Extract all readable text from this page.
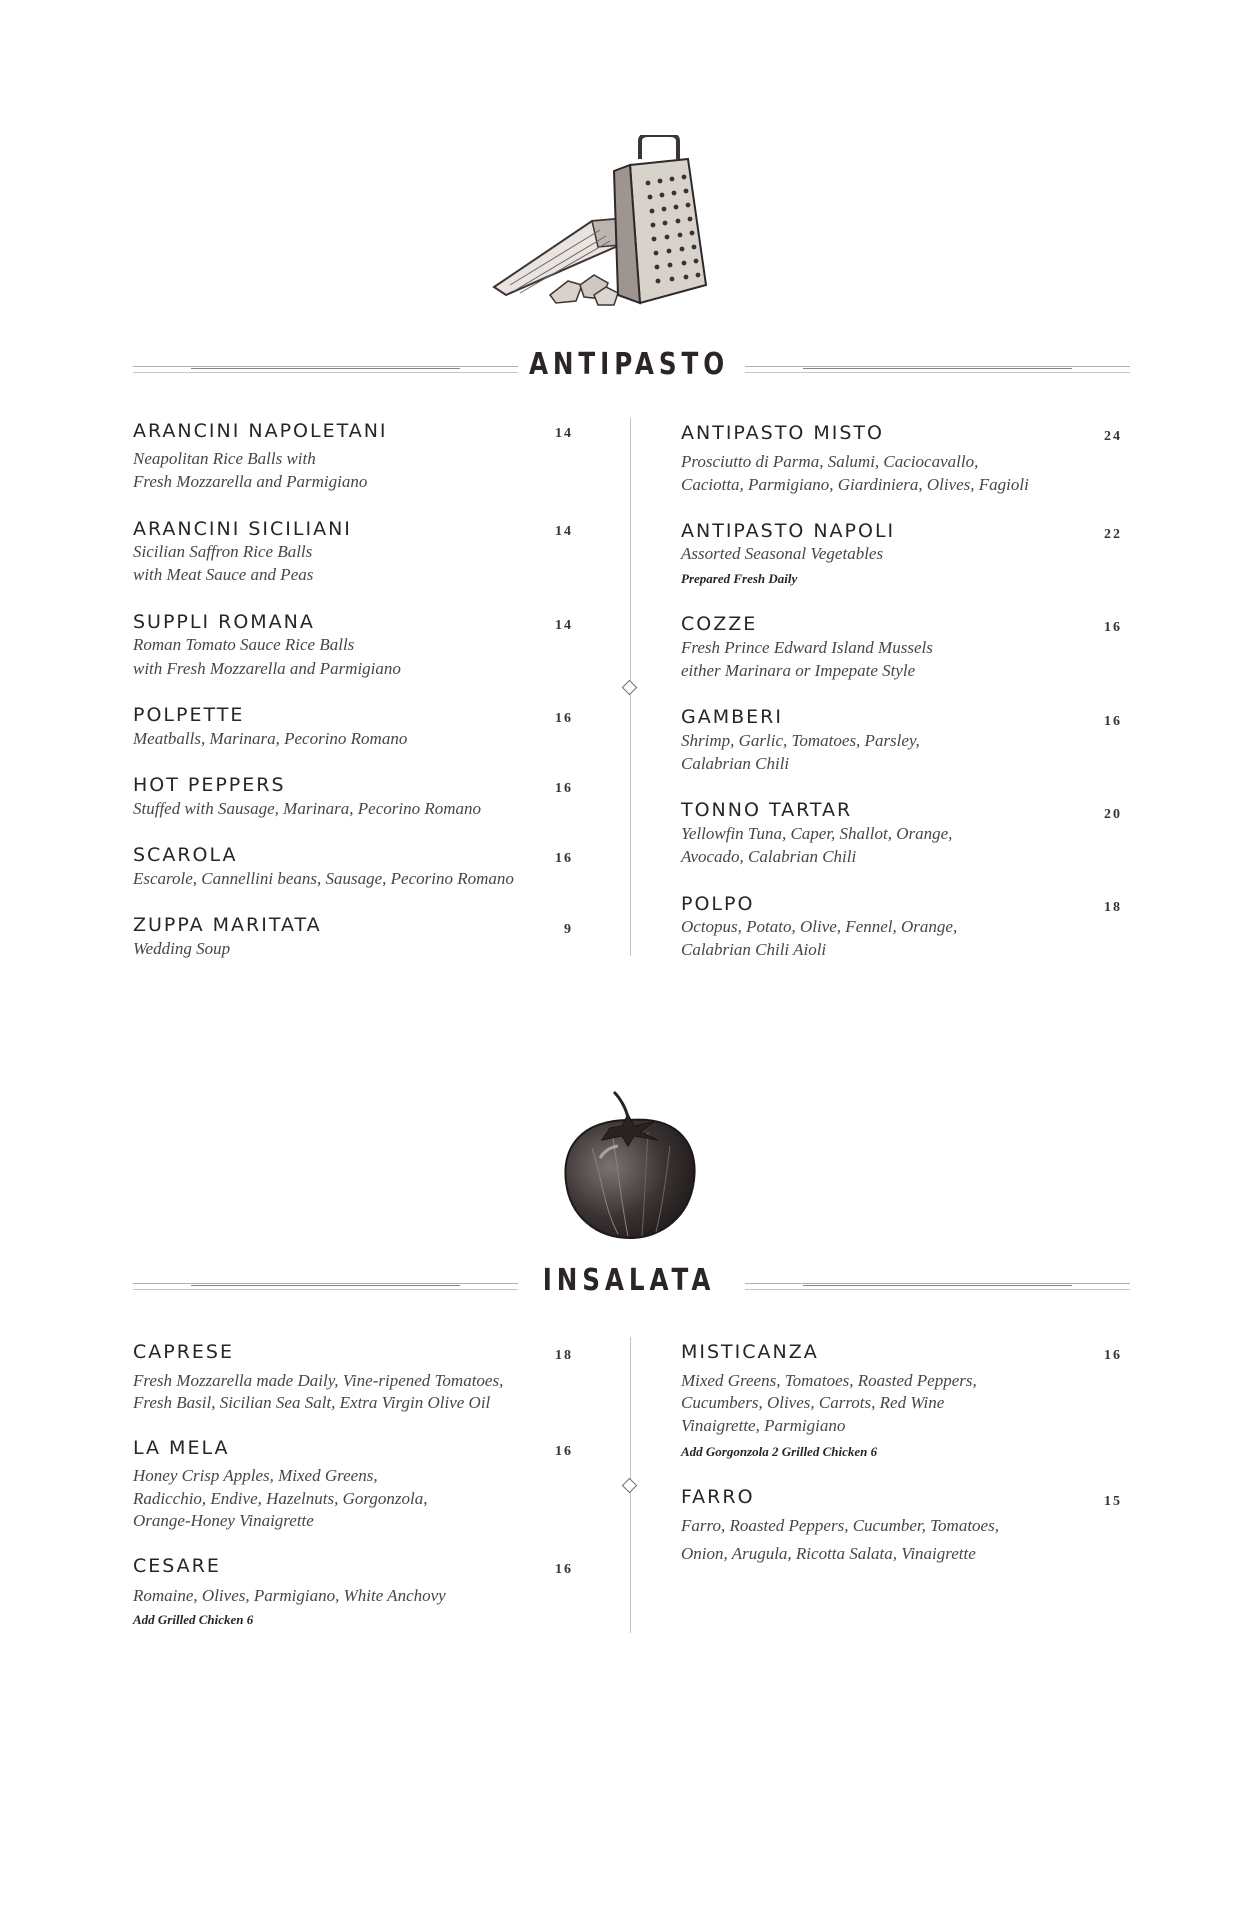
ANTIPASTO
ARANCINI NAPOLETANI	14
Neapolitan Rice Balls with
Fresh Mozzarella and Parmigiano
ARANCINI SICILIANI	14
Sicilian Saffron Rice Balls
with Meat Sauce and Peas
SUPPLI ROMANA	14
Roman Tomato Sauce Rice Balls
with Fresh Mozzarella and Parmigiano
POLPETTE	16
Meatballs, Marinara, Pecorino Romano
HOT PEPPERS	16
Stuffed with Sausage, Marinara, Pecorino Romano
SCAROLA	16
Escarole, Cannellini beans, Sausage, Pecorino Romano
ZUPPA MARITATA	9
Wedding Soup
ANTIPASTO MISTO	24
Prosciutto di Parma, Salumi, Caciocavallo,
Caciotta, Parmigiano, Giardiniera, Olives, Fagioli
ANTIPASTO NAPOLI	22
Assorted Seasonal Vegetables
Prepared Fresh Daily
COZZE	16
Fresh Prince Edward Island Mussels
either Marinara or Impepate Style
GAMBERI	16
Shrimp, Garlic, Tomatoes, Parsley,
Calabrian Chili
TONNO TARTAR	20
Yellowfin Tuna, Caper, Shallot, Orange,
Avocado, Calabrian Chili
POLPO	18
Octopus, Potato, Olive, Fennel, Orange,
Calabrian Chili Aioli
INSALATA
CAPRESE	18
Fresh Mozzarella made Daily, Vine-ripened Tomatoes,
Fresh Basil, Sicilian Sea Salt, Extra Virgin Olive Oil
LA MELA	16
Honey Crisp Apples, Mixed Greens,
Radicchio, Endive, Hazelnuts, Gorgonzola,
Orange-Honey Vinaigrette
CESARE	16
Romaine, Olives, Parmigiano, White Anchovy
Add Grilled Chicken 6
MISTICANZA	16
Mixed Greens, Tomatoes, Roasted Peppers,
Cucumbers, Olives, Carrots, Red Wine
Vinaigrette, Parmigiano
Add Gorgonzola 2 Grilled Chicken 6
FARRO	15
Farro, Roasted Peppers, Cucumber, Tomatoes,
Onion, Arugula, Ricotta Salata, Vinaigrette
